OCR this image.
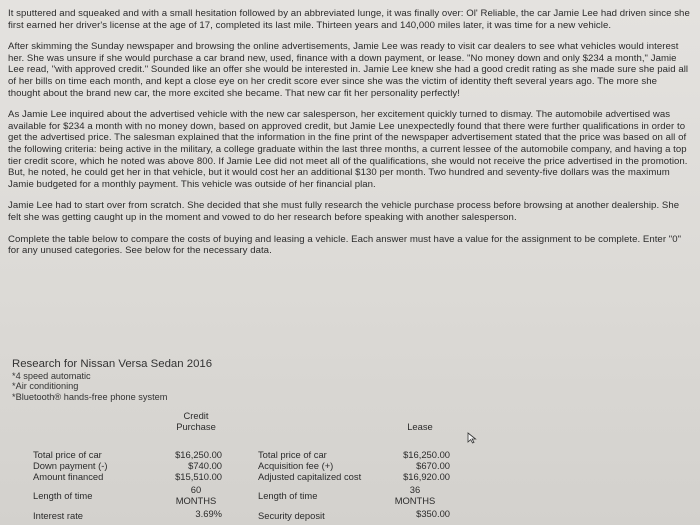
It sputtered and squeaked and with a small hesitation followed by an abbreviated lunge, it was finally over: Ol' Reliable, the car Jamie Lee had driven since she first earned her driver's license at the age of 17, completed its last mile. Thirteen years and 140,000 miles later, it was time for a new vehicle.

After skimming the Sunday newspaper and browsing the online advertisements, Jamie Lee was ready to visit car dealers to see what vehicles would interest her. She was unsure if she would purchase a car brand new, used, finance with a down payment, or lease. "No money down and only $234 a month," Jamie Lee read, "with approved credit." Sounded like an offer she would be interested in. Jamie Lee knew she had a good credit rating as she made sure she paid all of her bills on time each month, and kept a close eye on her credit score ever since she was the victim of identity theft several years ago. The more she thought about the brand new car, the more excited she became. That new car fit her personality perfectly!

As Jamie Lee inquired about the advertised vehicle with the new car salesperson, her excitement quickly turned to dismay. The automobile advertised was available for $234 a month with no money down, based on approved credit, but Jamie Lee unexpectedly found that there were further qualifications in order to get the advertised price. The salesman explained that the information in the fine print of the newspaper advertisement stated that the price was based on all of the following criteria: being active in the military, a college graduate within the last three months, a current lessee of the automobile company, and having a top tier credit score, which he noted was above 800. If Jamie Lee did not meet all of the qualifications, she would not receive the price advertised in the promotion. But, he noted, he could get her in that vehicle, but it would cost her an additional $130 per month. Two hundred and seventy-five dollars was the maximum Jamie budgeted for a monthly payment. This vehicle was outside of her financial plan.

Jamie Lee had to start over from scratch. She decided that she must fully research the vehicle purchase process before browsing at another dealership. She felt she was getting caught up in the moment and vowed to do her research before speaking with another salesperson.

Complete the table below to compare the costs of buying and leasing a vehicle. Each answer must have a value for the assignment to be complete. Enter "0" for any unused categories. See below for the necessary data.

Research for Nissan Versa Sedan 2016
*4 speed automatic
*Air conditioning
*Bluetooth® hands-free phone system
Credit
Purchase	Lease
Total price of car
Down payment (-)
Amount financed
Length of time
Interest rate
$16,250.00
$740.00
$15,510.00
60
MONTHS
3.69%
Total price of car
Acquisition fee (+)
Adjusted capitalized cost
Length of time
Security deposit
$16,250.00
$670.00
$16,920.00
36
MONTHS
$350.00
